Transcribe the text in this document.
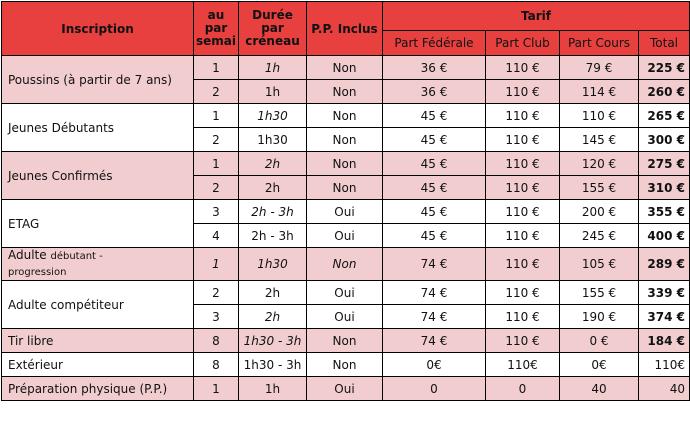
Inscription	au par semai	Durée par créneau	P.P. Inclus	Tarif			
				Part Fédérale	Part Club	Part Cours	Total
Poussins (à partir de 7 ans)	1	1h	Non	36 €	110 €	79 €	225 €
	2	1h	Non	36 €	110 €	114 €	260 €
Jeunes Débutants	1	1h30	Non	45 €	110 €	110 €	265 €
	2	1h30	Non	45 €	110 €	145 €	300 €
Jeunes Confirmés	1	2h	Non	45 €	110 €	120 €	275 €
	2	2h	Non	45 €	110 €	155 €	310 €
ETAG	3	2h - 3h	Oui	45 €	110 €	200 €	355 €
	4	2h - 3h	Oui	45 €	110 €	245 €	400 €
Adulte débutant -
progression	1	1h30	Non	74 €	110 €	105 €	289 €
Adulte compétiteur	2	2h	Oui	74 €	110 €	155 €	339 €
	3	2h	Oui	74 €	110 €	190 €	374 €
Tir libre	8	1h30 - 3h	Non	74 €	110 €	0 €	184 €
Extérieur	8	1h30 - 3h	Non	0€	110€	0€	110€
Préparation physique (P.P.)	1	1h	Oui	0	0	40	40
